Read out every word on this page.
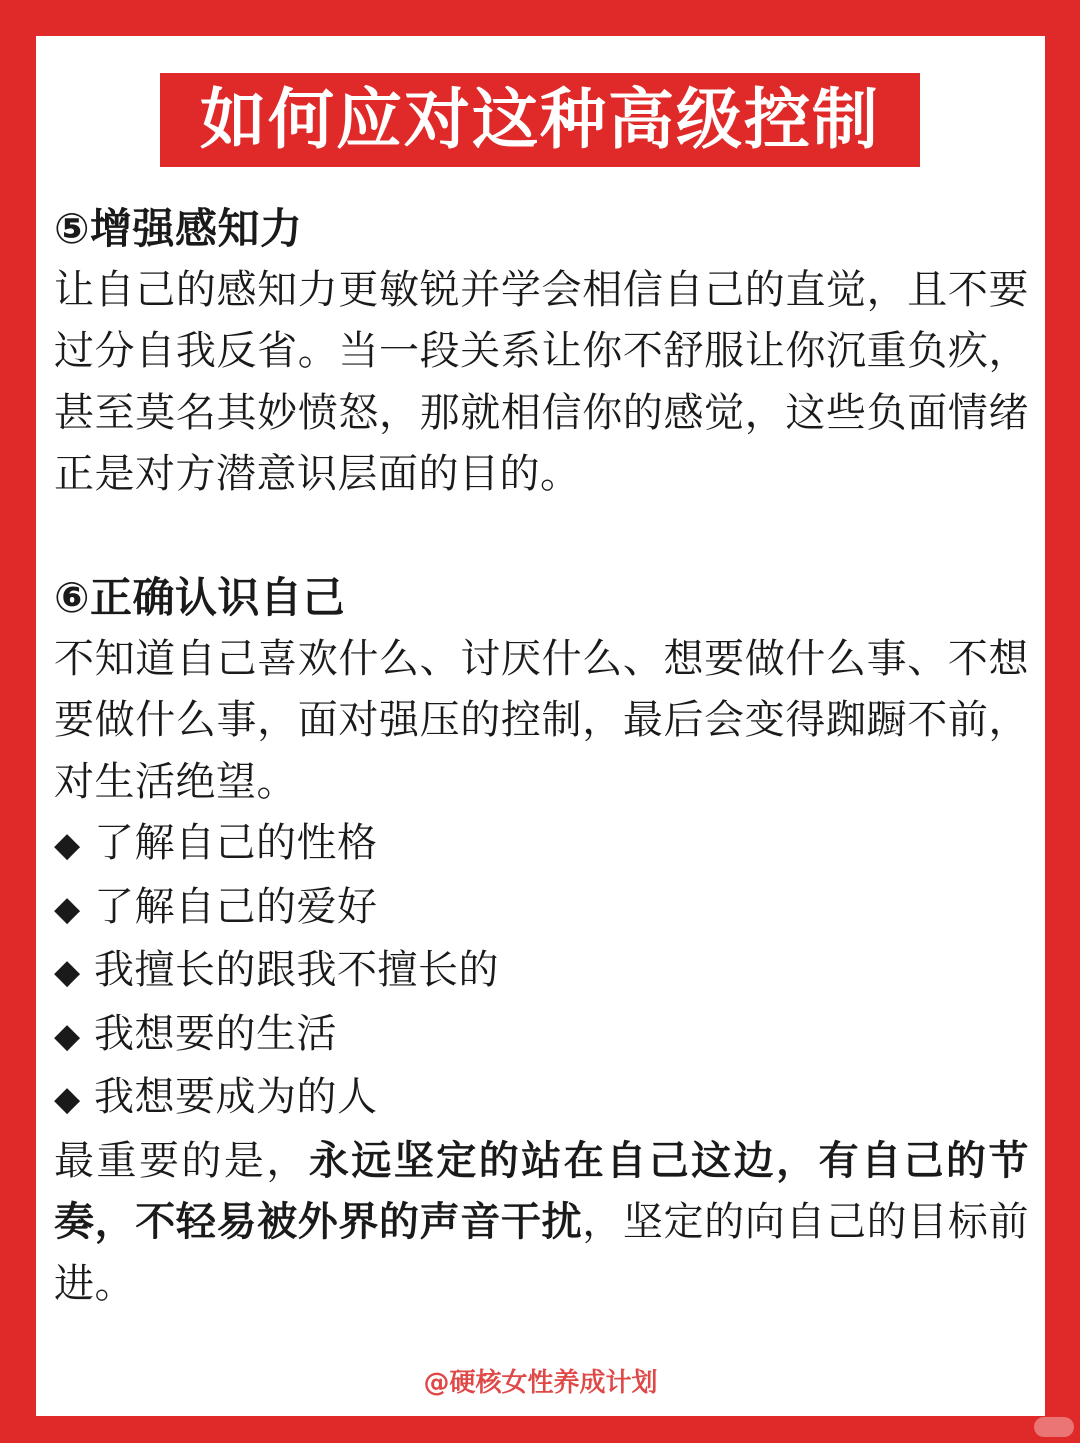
如何应对这种高级控制

⑤增强感知力

让自己的感知力更敏锐并学会相信自己的直觉，且不要过分自我反省。当一段关系让你不舒服让你沉重负疚，甚至莫名其妙愤怒，那就相信你的感觉，这些负面情绪正是对方潜意识层面的目的。

⑥正确认识自己

不知道自己喜欢什么、讨厌什么、想要做什么事、不想要做什么事，面对强压的控制，最后会变得踟蹰不前，对生活绝望。

◆ 了解自己的性格
◆ 了解自己的爱好
◆ 我擅长的跟我不擅长的
◆ 我想要的生活
◆ 我想要成为的人

最重要的是，永远坚定的站在自己这边，有自己的节奏，不轻易被外界的声音干扰，坚定的向自己的目标前进。

@硬核女性养成计划
